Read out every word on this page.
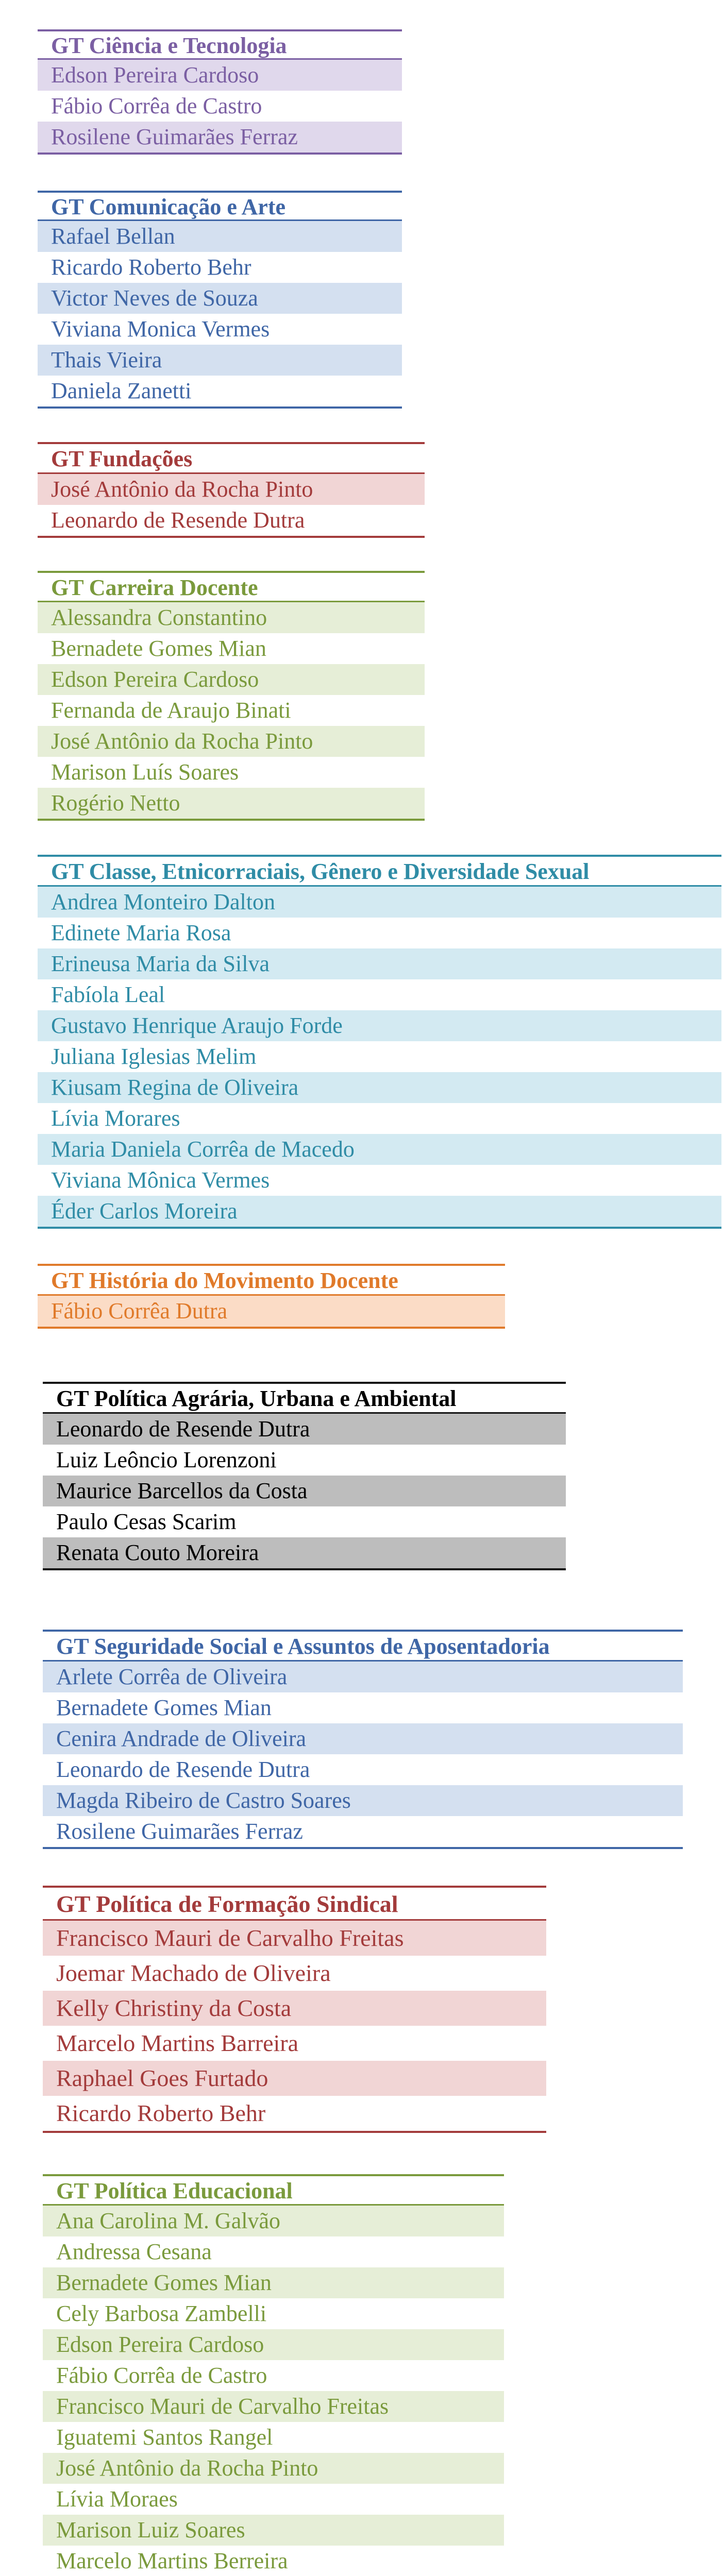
GT Ciência e Tecnologia
Edson Pereira Cardoso
Fábio Corrêa de Castro
Rosilene Guimarães Ferraz
GT Comunicação e Arte
Rafael Bellan
Ricardo Roberto Behr
Victor Neves de Souza
Viviana Monica Vermes
Thais Vieira
Daniela Zanetti
GT Fundações
José Antônio da Rocha Pinto
Leonardo de Resende Dutra
GT Carreira Docente
Alessandra Constantino
Bernadete Gomes Mian
Edson Pereira Cardoso
Fernanda de Araujo Binati
José Antônio da Rocha Pinto
Marison Luís Soares
Rogério Netto
GT Classe, Etnicorraciais, Gênero e Diversidade Sexual
Andrea Monteiro Dalton
Edinete Maria Rosa
Erineusa Maria da Silva
Fabíola Leal
Gustavo Henrique Araujo Forde
Juliana Iglesias Melim
Kiusam Regina de Oliveira
Lívia Morares
Maria Daniela Corrêa de Macedo
Viviana Mônica Vermes
Éder Carlos Moreira
GT História do Movimento Docente
Fábio Corrêa Dutra
GT Política Agrária, Urbana e Ambiental
Leonardo de Resende Dutra
Luiz Leôncio Lorenzoni
Maurice Barcellos da Costa
Paulo Cesas Scarim
Renata Couto Moreira
GT Seguridade Social e Assuntos de Aposentadoria
Arlete Corrêa de Oliveira
Bernadete Gomes Mian
Cenira Andrade de Oliveira
Leonardo de Resende Dutra
Magda Ribeiro de Castro Soares
Rosilene Guimarães Ferraz
GT Política de Formação Sindical
Francisco Mauri de Carvalho Freitas
Joemar Machado de Oliveira
Kelly Christiny da Costa
Marcelo Martins Barreira
Raphael Goes Furtado
Ricardo Roberto Behr
GT Política Educacional
Ana Carolina M. Galvão
Andressa Cesana
Bernadete Gomes Mian
Cely Barbosa Zambelli
Edson Pereira Cardoso
Fábio Corrêa de Castro
Francisco Mauri de Carvalho Freitas
Iguatemi Santos Rangel
José Antônio da Rocha Pinto
Lívia Moraes
Marison Luiz Soares
Marcelo Martins Berreira
